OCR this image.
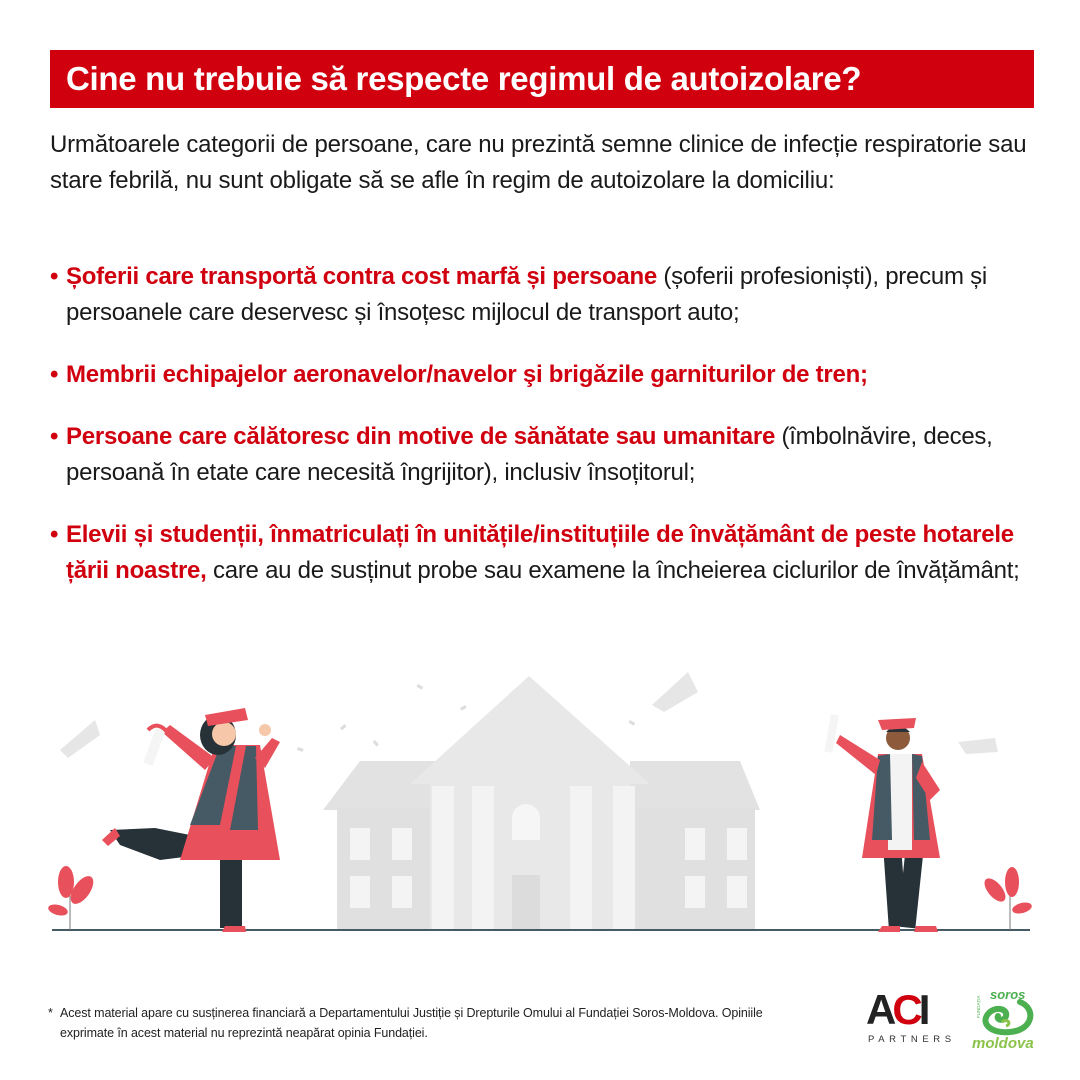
Cine nu trebuie să respecte regimul de autoizolare?

Următoarele categorii de persoane, care nu prezintă semne clinice de infecție respiratorie sau stare febrilă, nu sunt obligate să se afle în regim de autoizolare la domiciliu:

• Șoferii care transportă contra cost marfă și persoane (șoferii profesioniști), precum și persoanele care deservesc și însoțesc mijlocul de transport auto;
• Membrii echipajelor aeronavelor/navelor şi brigăzile garniturilor de tren;
• Persoane care călătoresc din motive de sănătate sau umanitare (îmbolnăvire, deces, persoană în etate care necesită îngrijitor), inclusiv însoțitorul;
• Elevii și studenții, înmatriculați în unitățile/instituțiile de învățământ de peste hotarele țării noastre, care au de susținut probe sau examene la încheierea ciclurilor de învățământ;
* Acest material apare cu susținerea financiară a Departamentului Justiție și Drepturile Omului al Fundației Soros-Moldova. Opiniile exprimate în acest material nu reprezintă neapărat opinia Fundației.	A C I
PARTNERS
soros
moldova
FUNDAȚIA
